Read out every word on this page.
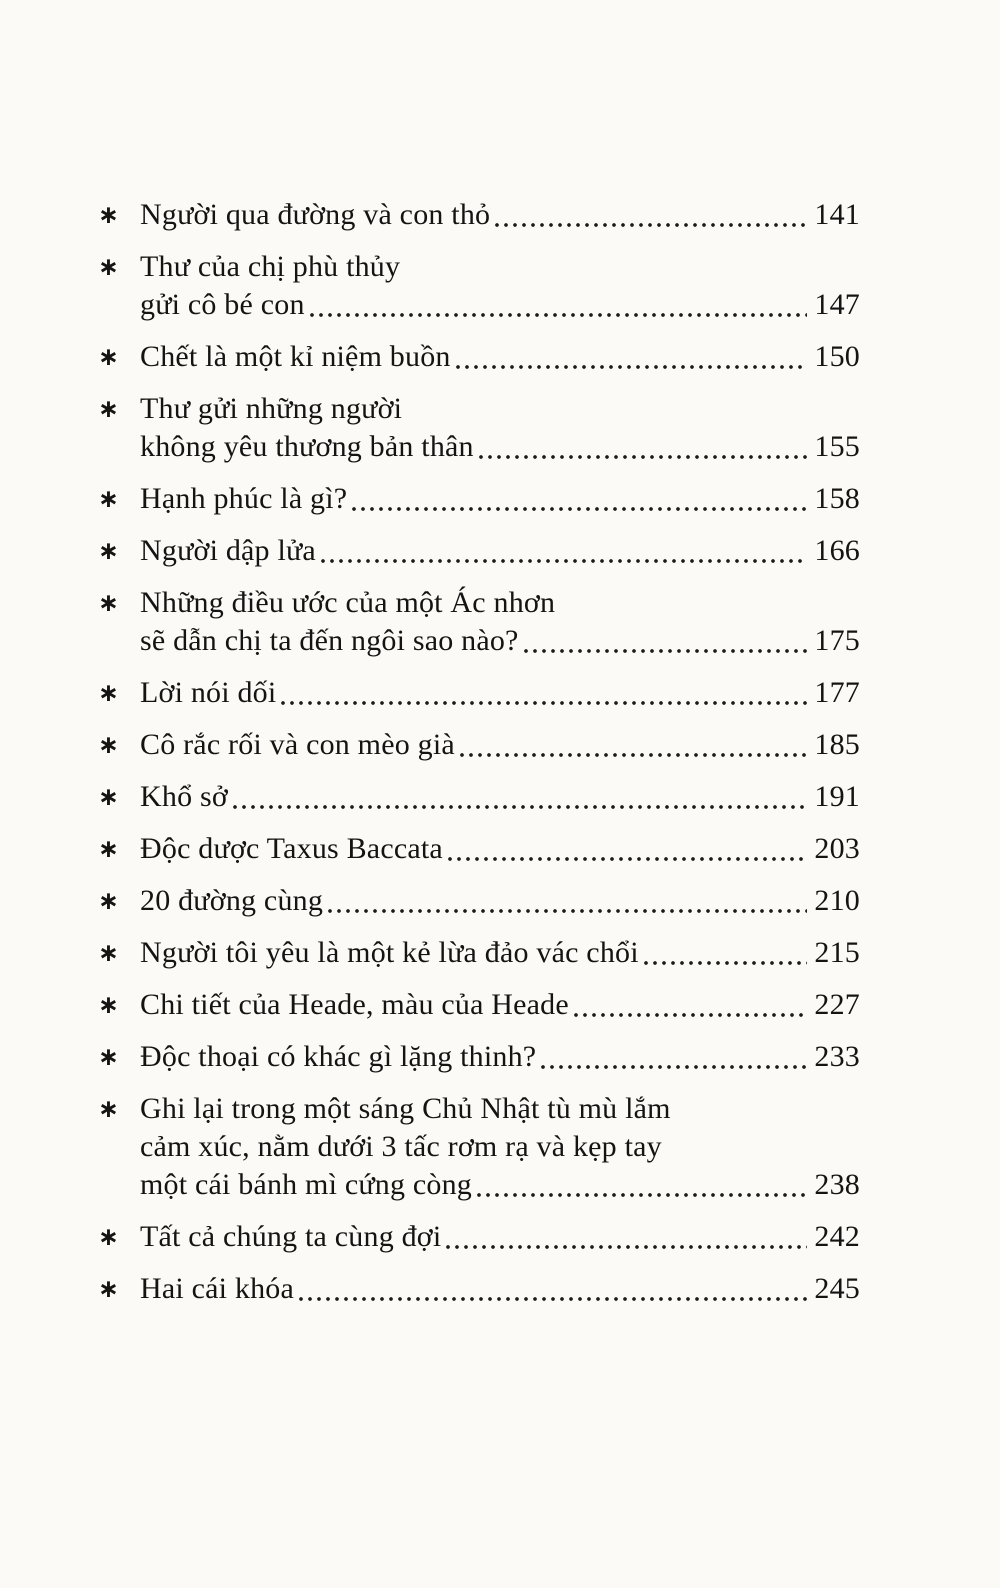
∗ Người qua đường và con thỏ	141
∗ Thư của chị phù thủy
gửi cô bé con	147
∗ Chết là một kỉ niệm buồn	150
∗ Thư gửi những người
không yêu thương bản thân	155
∗ Hạnh phúc là gì?	158
∗ Người dập lửa	166
∗ Những điều ước của một Ác nhơn
sẽ dẫn chị ta đến ngôi sao nào?	175
∗ Lời nói dối	177
∗ Cô rắc rối và con mèo già	185
∗ Khổ sở	191
∗ Độc dược Taxus Baccata	203
∗ 20 đường cùng	210
∗ Người tôi yêu là một kẻ lừa đảo vác chổi	215
∗ Chi tiết của Heade, màu của Heade	227
∗ Độc thoại có khác gì lặng thinh?	233
∗ Ghi lại trong một sáng Chủ Nhật tù mù lắm
cảm xúc, nằm dưới 3 tấc rơm rạ và kẹp tay
một cái bánh mì cứng còng	238
∗ Tất cả chúng ta cùng đợi	242
∗ Hai cái khóa	245
